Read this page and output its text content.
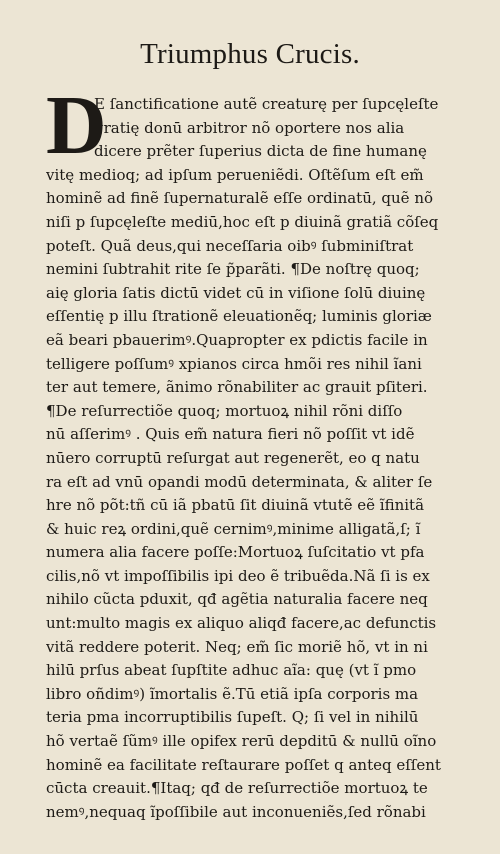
Triumphus Crucis.
D
E ſanctificatione autẽ creaturę per ſupcęleſte
gratię donū arbitror nõ oportere nos alia
dicere prẽter ſuperius dicta de fine humanę
vitę medioq; ad ipſum perueniẽdi. Oſtẽſum eſt em̃
hominẽ ad finẽ ſupernaturalẽ eſſe ordinatū, quẽ nõ
niſi p ſupcęleſte mediū,hoc eſt p diuinã gratiã cõſeq
poteſt. Quã deus,qui neceſſaria oibꝰ ſubminiſtrat
nemini ſubtrahit rite ſe p̃parãti. ¶De noſtrę quoq;
aię gloria ſatis dictū videt cū in viſione ſolū diuinę
eſſentię p illu ſtrationẽ eleuationẽq; luminis gloriæ
eã beari pbauerimꝰ.Quapropter ex pdictis facile in
telligere poſſumꝰ xpianos circa hmõi res nihil ĩani
ter aut temere, ãnimo rõnabiliter ac grauit pſiteri.
¶De reſurrectiõe quoq; mortuoꝝ nihil rõni diſſo
nū aſſerimꝰ . Quis em̃ natura fieri nõ poſſit vt idẽ
nūero corruptū reſurgat aut regenerẽt, eo q natu
ra eſt ad vnū opandi modū determinata, & aliter ſe
hre nõ põt:tñ cū iã pbatū ſit diuinã vtutẽ eẽ ĩfinitã
& huic reꝝ ordini,quẽ cernimꝰ,minime alligatã,ſ; ĩ
numera alia facere poſſe:Mortuoꝝ ſuſcitatio vt pfa
cilis,nõ vt impoſſibilis ipi deo ẽ tribuẽda.Nã ſi is ex
nihilo cũcta pduxit, qđ agẽtia naturalia facere neq
unt:multo magis ex aliquo aliqđ facere,ac defunctis
vitã reddere poterit. Neq; em̃ ſic moriẽ hõ, vt in ni
hilū prſus abeat ſupſtite adhuc aĩa: quę (vt ĩ pmo
libro oñdimꝰ) ĩmortalis ẽ.Tū etiã ipſa corporis ma
teria pma incorruptibilis ſupeſt. Q; ſi vel in nihilū
hõ vertaẽ ſũmꝰ ille opifex rerū depditū & nullū oĩno
hominẽ ea facilitate reſtaurare poſſet q anteq eſſent
cūcta creauit.¶Itaq; qđ de reſurrectiõe mortuoꝝ te
nemꝰ,nequaq ĩpoſſibile aut inconueniẽs,ſed rõnabi
